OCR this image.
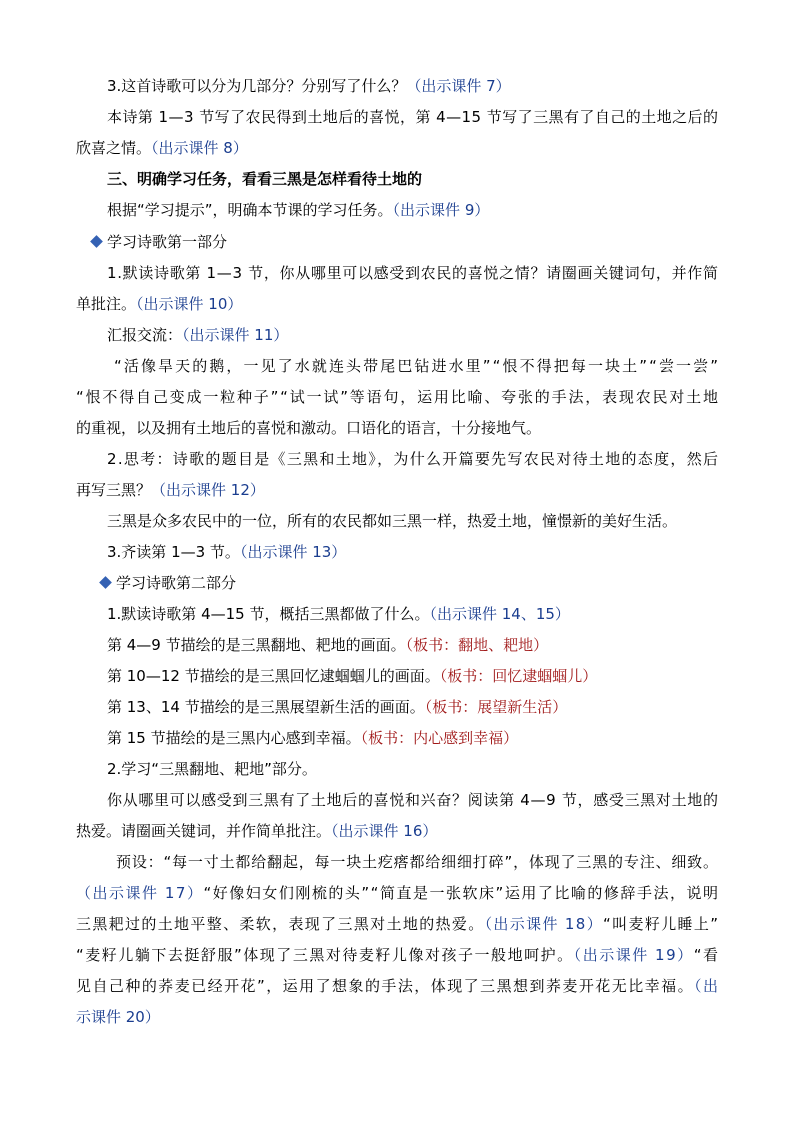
3.这首诗歌可以分为几部分？分别写了什么？（出示课件 7）
本诗第 1—3 节写了农民得到土地后的喜悦，第 4—15 节写了三黑有了自己的土地之后的
欣喜之情。（出示课件 8）
三、明确学习任务，看看三黑是怎样看待土地的
根据“学习提示”，明确本节课的学习任务。（出示课件 9）
学习诗歌第一部分
1.默读诗歌第 1—3 节，你从哪里可以感受到农民的喜悦之情？请圈画关键词句，并作简
单批注。（出示课件 10）
汇报交流：（出示课件 11）
“活像旱天的鹅，一见了水就连头带尾巴钻进水里”“恨不得把每一块土”“尝一尝”
“恨不得自己变成一粒种子”“试一试”等语句，运用比喻、夸张的手法，表现农民对土地
的重视，以及拥有土地后的喜悦和激动。口语化的语言，十分接地气。
2.思考：诗歌的题目是《三黑和土地》，为什么开篇要先写农民对待土地的态度，然后
再写三黑？（出示课件 12）
三黑是众多农民中的一位，所有的农民都如三黑一样，热爱土地，憧憬新的美好生活。
3.齐读第 1—3 节。（出示课件 13）
学习诗歌第二部分
1.默读诗歌第 4—15 节，概括三黑都做了什么。（出示课件 14、15）
第 4—9 节描绘的是三黑翻地、耙地的画面。（板书：翻地、耙地）
第 10—12 节描绘的是三黑回忆逮蝈蝈儿的画面。（板书：回忆逮蝈蝈儿）
第 13、14 节描绘的是三黑展望新生活的画面。（板书：展望新生活）
第 15 节描绘的是三黑内心感到幸福。（板书：内心感到幸福）
2.学习“三黑翻地、耙地”部分。
你从哪里可以感受到三黑有了土地后的喜悦和兴奋？阅读第 4—9 节，感受三黑对土地的
热爱。请圈画关键词，并作简单批注。（出示课件 16）
预设：“每一寸土都给翻起，每一块土疙瘩都给细细打碎”，体现了三黑的专注、细致。
（出示课件 17）“好像妇女们刚梳的头”“简直是一张软床”运用了比喻的修辞手法，说明
三黑耙过的土地平整、柔软，表现了三黑对土地的热爱。（出示课件 18）“叫麦籽儿睡上”
“麦籽儿躺下去挺舒服”体现了三黑对待麦籽儿像对孩子一般地呵护。（出示课件 19）“看
见自己种的荞麦已经开花”，运用了想象的手法，体现了三黑想到荞麦开花无比幸福。（出
示课件 20）
